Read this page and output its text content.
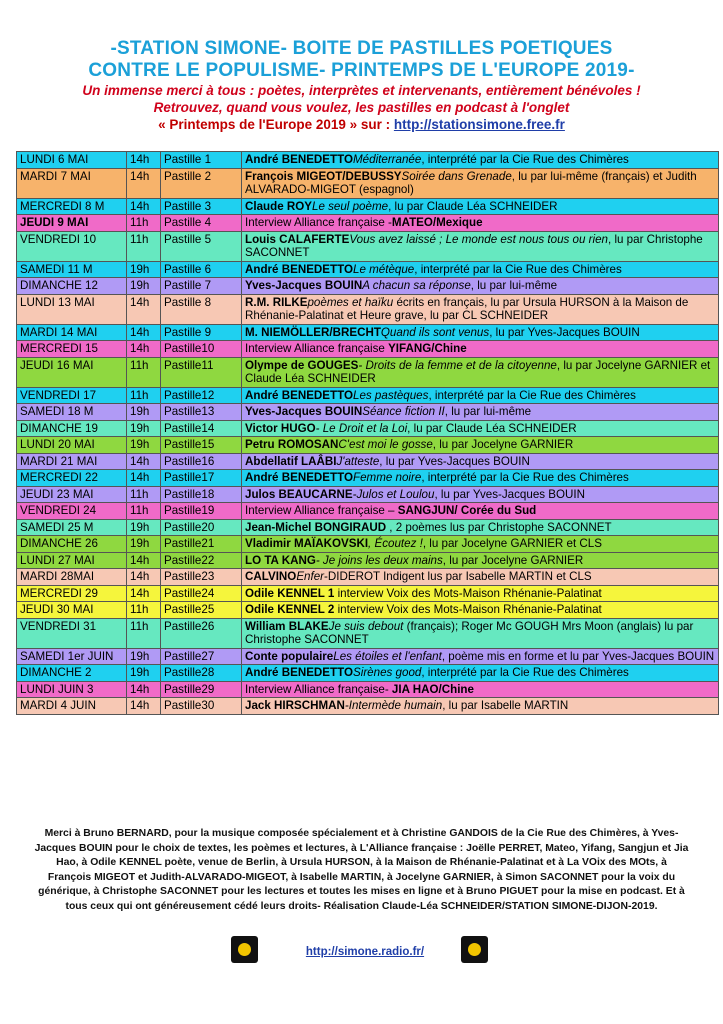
-STATION SIMONE- BOITE DE PASTILLES POETIQUES
CONTRE LE POPULISME- PRINTEMPS DE L'EUROPE 2019-
Un immense merci à tous : poètes, interprètes et intervenants, entièrement bénévoles !
Retrouvez, quand vous voulez, les pastilles en podcast à l'onglet
« Printemps de l'Europe 2019 » sur : http://stationsimone.free.fr
LUNDI 6 MAI	14h	Pastille 1	André BENEDETTOMéditerranée, interprété par la Cie Rue des Chimères
MARDI 7 MAI	14h	Pastille 2	François MIGEOT/DEBUSSYSoirée dans Grenade, lu par lui-même (français) et Judith ALVARADO-MIGEOT (espagnol)
MERCREDI 8 M	14h	Pastille 3	Claude ROYLe seul poème, lu par Claude Léa SCHNEIDER
JEUDI 9 MAI	11h	Pastille 4	Interview Alliance française -MATEO/Mexique
VENDREDI 10	11h	Pastille 5	Louis CALAFERTEVous avez laissé ; Le monde est nous tous ou rien, lu par Christophe SACONNET
SAMEDI 11 M	19h	Pastille 6	André BENEDETTOLe métèque, interprété par la Cie Rue des Chimères
DIMANCHE 12	19h	Pastille 7	Yves-Jacques BOUINA chacun sa réponse, lu par lui-même
LUNDI 13 MAI	14h	Pastille 8	R.M. RILKEpoèmes et haïku écrits en français, lu par Ursula HURSON à la Maison de Rhénanie-Palatinat et Heure grave, lu par CL SCHNEIDER
MARDI 14 MAI	14h	Pastille 9	M. NIEMÖLLER/BRECHTQuand ils sont venus, lu par Yves-Jacques BOUIN
MERCREDI 15	14h	Pastille10	Interview Alliance française YIFANG/Chine
JEUDI 16 MAI	11h	Pastille11	Olympe de GOUGES- Droits de la femme et de la citoyenne, lu par Jocelyne GARNIER et Claude Léa SCHNEIDER
VENDREDI 17	11h	Pastille12	André BENEDETTOLes pastèques, interprété par la Cie Rue des Chimères
SAMEDI 18 M	19h	Pastille13	Yves-Jacques BOUINSéance fiction II, lu par lui-même
DIMANCHE 19	19h	Pastille14	Victor HUGO- Le Droit et la Loi, lu par Claude Léa SCHNEIDER
LUNDI 20 MAI	19h	Pastille15	Petru ROMOSANC'est moi le gosse, lu par Jocelyne GARNIER
MARDI 21 MAI	14h	Pastille16	Abdellatif LAÂBIJ'atteste, lu par Yves-Jacques BOUIN
MERCREDI 22	14h	Pastille17	André BENEDETTOFemme noire, interprété par la Cie Rue des Chimères
JEUDI 23 MAI	11h	Pastille18	Julos BEAUCARNE-Julos et Loulou, lu par Yves-Jacques BOUIN
VENDREDI 24	11h	Pastille19	Interview Alliance française – SANGJUN/ Corée du Sud
SAMEDI 25 M	19h	Pastille20	Jean-Michel BONGIRAUD , 2 poèmes lus par Christophe SACONNET
DIMANCHE 26	19h	Pastille21	Vladimir MAÏAKOVSKI, Écoutez !, lu par Jocelyne GARNIER et CLS
LUNDI 27 MAI	14h	Pastille22	LO TA KANG- Je joins les deux mains, lu par Jocelyne GARNIER
MARDI 28MAI	14h	Pastille23	CALVINOEnfer-DIDEROT Indigent lus par Isabelle MARTIN et CLS
MERCREDI 29	14h	Pastille24	Odile KENNEL 1 interview Voix des Mots-Maison Rhénanie-Palatinat
JEUDI 30 MAI	11h	Pastille25	Odile KENNEL 2 interview Voix des Mots-Maison Rhénanie-Palatinat
VENDREDI 31	11h	Pastille26	William BLAKEJe suis debout (français); Roger Mc GOUGH Mrs Moon (anglais) lu par Christophe SACONNET
SAMEDI 1er JUIN	19h	Pastille27	Conte populaireLes étoiles et l'enfant, poème mis en forme et lu par Yves-Jacques BOUIN
DIMANCHE 2	19h	Pastille28	André BENEDETTOSirènes good, interprété par la Cie Rue des Chimères
LUNDI JUIN 3	14h	Pastille29	Interview Alliance française- JIA HAO/Chine
MARDI 4 JUIN	14h	Pastille30	Jack HIRSCHMAN-Intermède humain, lu par Isabelle MARTIN
Merci à Bruno BERNARD, pour la musique composée spécialement et à Christine GANDOIS de la Cie Rue des Chimères, à Yves-Jacques BOUIN pour le choix de textes, les poèmes et lectures, à L'Alliance française : Joëlle PERRET, Mateo, Yifang, Sangjun et Jia Hao, à Odile KENNEL poète, venue de Berlin, à Ursula HURSON, à la Maison de Rhénanie-Palatinat et à La VOix des MOts, à François MIGEOT et Judith-ALVARADO-MIGEOT, à Isabelle MARTIN, à Jocelyne GARNIER, à Simon SACONNET pour la voix du générique, à Christophe SACONNET pour les lectures et toutes les mises en ligne et à Bruno PIGUET pour la mise en podcast. Et à tous ceux qui ont généreusement cédé leurs droits- Réalisation Claude-Léa SCHNEIDER/STATION SIMONE-DIJON-2019.
http://simone.radio.fr/
